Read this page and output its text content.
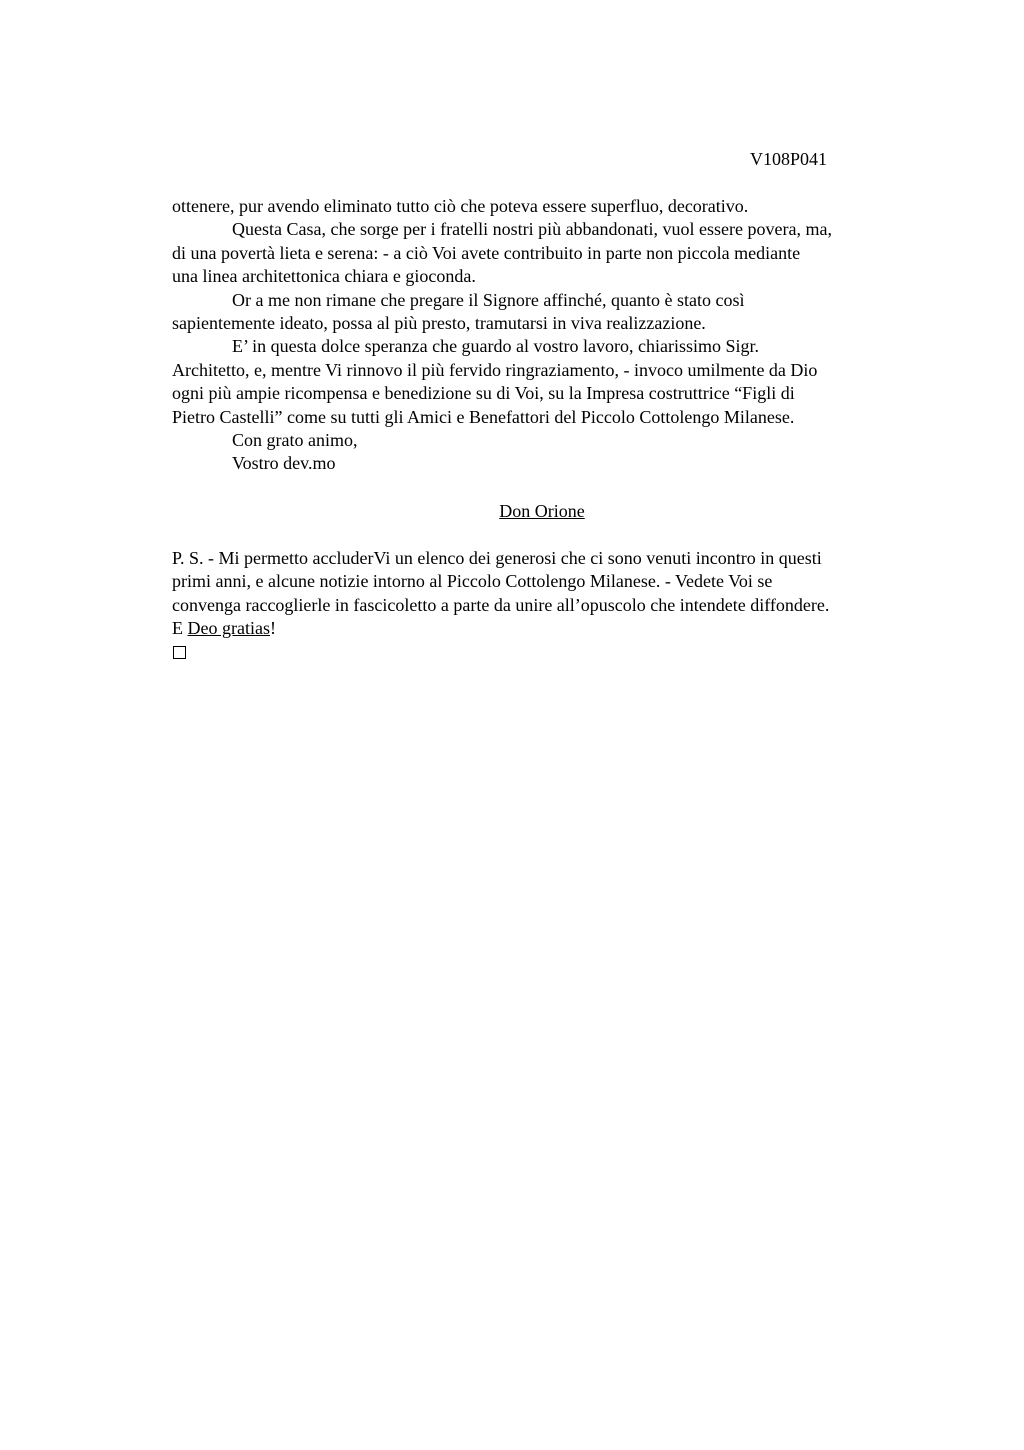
V108P041
ottenere, pur avendo eliminato tutto ciò che poteva essere superfluo, decorativo.
Questa Casa, che sorge per i fratelli nostri più abbandonati, vuol essere povera, ma,
di una povertà lieta e serena: - a ciò Voi avete contribuito in parte non piccola mediante
una linea architettonica chiara e gioconda.
Or a me non rimane che pregare il Signore affinché, quanto è stato così
sapientemente ideato, possa al più presto, tramutarsi in viva realizzazione.
E’ in questa dolce speranza che guardo al vostro lavoro, chiarissimo Sigr.
Architetto, e, mentre Vi rinnovo il più fervido ringraziamento, - invoco umilmente da Dio
ogni più ampie ricompensa e benedizione su di Voi, su la Impresa costruttrice “Figli di
Pietro Castelli” come su tutti gli Amici e Benefattori del Piccolo Cottolengo Milanese.
Con grato animo,
Vostro dev.mo
Don Orione
P. S. - Mi permetto accluderVi un elenco dei generosi che ci sono venuti incontro in questi
primi anni, e alcune notizie intorno al Piccolo Cottolengo Milanese. - Vedete Voi se
convenga raccoglierle in fascicoletto a parte da unire all’opuscolo che intendete diffondere.
E Deo gratias!
